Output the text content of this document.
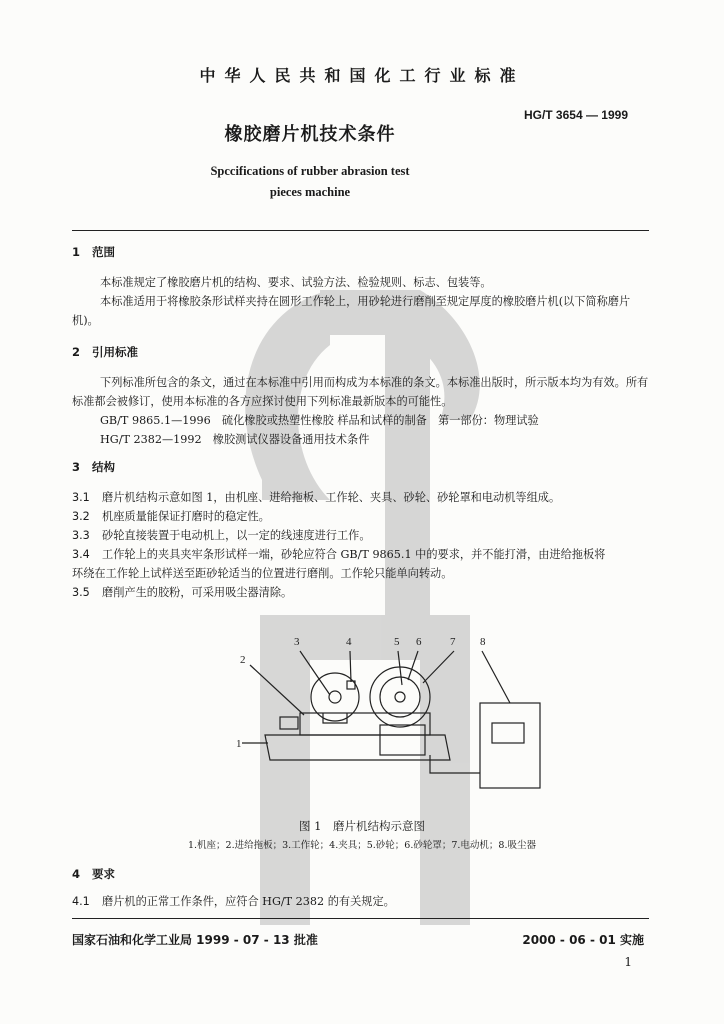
中华人民共和国化工行业标准
HG/T 3654 — 1999
橡胶磨片机技术条件
Spccifications of rubber abrasion test
pieces machine
1 范围
本标准规定了橡胶磨片机的结构、要求、试验方法、检验规则、标志、包装等。
本标准适用于将橡胶条形试样夹持在圆形工作轮上，用砂轮进行磨削至规定厚度的橡胶磨片机(以下简称磨片机)。
2 引用标准
下列标准所包含的条文，通过在本标准中引用而构成为本标准的条文。本标准出版时，所示版本均为有效。所有标准都会被修订，使用本标准的各方应探讨使用下列标准最新版本的可能性。
GB/T 9865.1—1996　硫化橡胶或热塑性橡胶 样品和试样的制备　第一部份：物理试验
HG/T 2382—1992　橡胶测试仪器设备通用技术条件
3 结构
3.1 磨片机结构示意如图 1，由机座、进给拖板、工作轮、夹具、砂轮、砂轮罩和电动机等组成。
3.2 机座质量能保证打磨时的稳定性。
3.3 砂轮直接装置于电动机上，以一定的线速度进行工作。
3.4 工作轮上的夹具夹牢条形试样一端，砂轮应符合 GB/T 9865.1 中的要求，并不能打滑，由进给拖板将
环绕在工作轮上试样送至距砂轮适当的位置进行磨削。工作轮只能单向转动。
3.5 磨削产生的胶粉，可采用吸尘器清除。
1
2
3	4	5 6	7 8
图 1　磨片机结构示意图
1.机座；2.进给拖板；3.工作轮；4.夹具；5.砂轮；6.砂轮罩；7.电动机；8.吸尘器
4 要求
4.1 磨片机的正常工作条件，应符合 HG/T 2382 的有关规定。
国家石油和化学工业局 1999 - 07 - 13 批准	2000 - 06 - 01 实施
1
